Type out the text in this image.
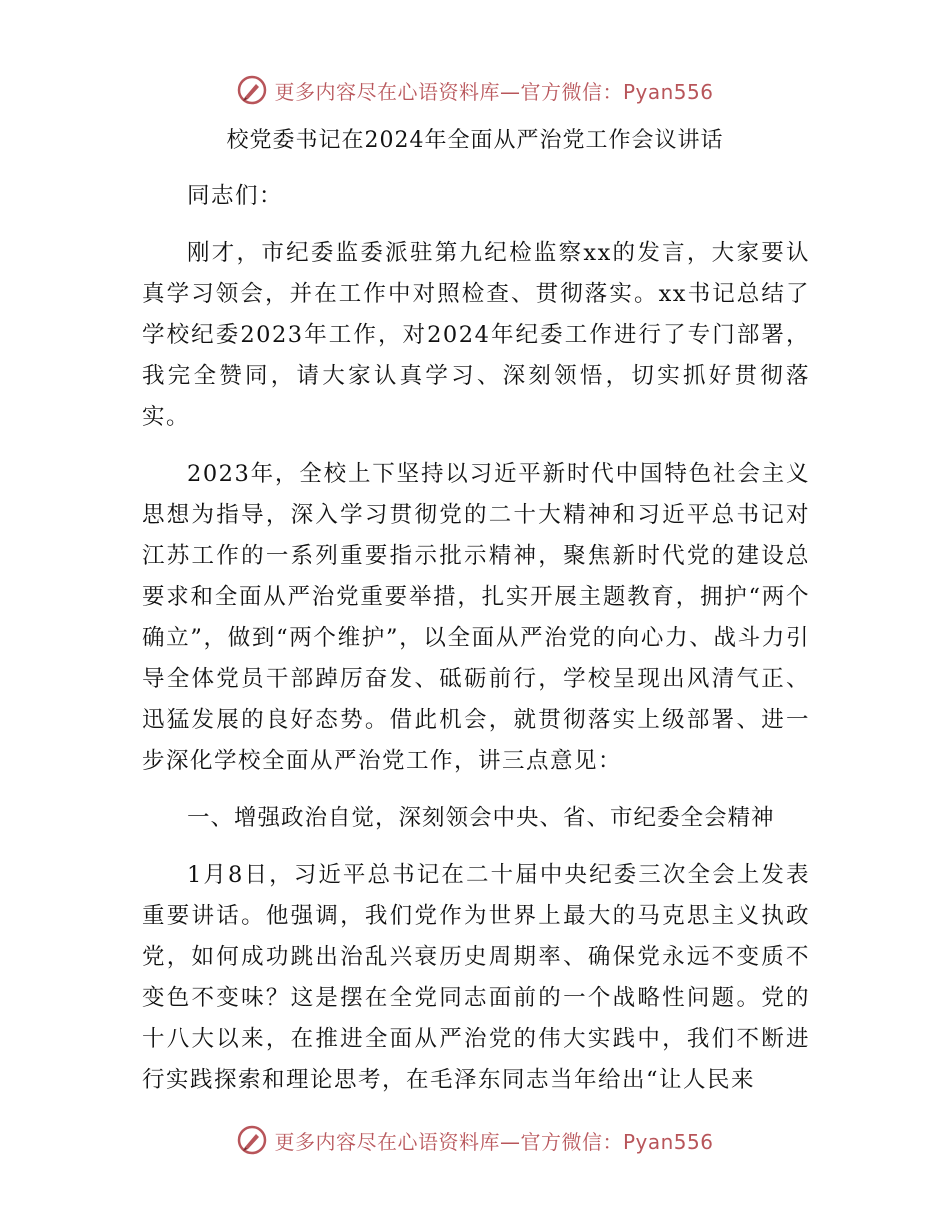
更多内容尽在心语资料库—官方微信：Pyan556
校党委书记在2024年全面从严治党工作会议讲话

同志们：

刚才，市纪委监委派驻第九纪检监察xx的发言，大家要认真学习领会，并在工作中对照检查、贯彻落实。xx书记总结了学校纪委2023年工作，对2024年纪委工作进行了专门部署，我完全赞同，请大家认真学习、深刻领悟，切实抓好贯彻落实。

2023年，全校上下坚持以习近平新时代中国特色社会主义思想为指导，深入学习贯彻党的二十大精神和习近平总书记对江苏工作的一系列重要指示批示精神，聚焦新时代党的建设总要求和全面从严治党重要举措，扎实开展主题教育，拥护“两个确立”，做到“两个维护”，以全面从严治党的向心力、战斗力引导全体党员干部踔厉奋发、砥砺前行，学校呈现出风清气正、迅猛发展的良好态势。借此机会，就贯彻落实上级部署、进一步深化学校全面从严治党工作，讲三点意见：

一、增强政治自觉，深刻领会中央、省、市纪委全会精神

1月8日，习近平总书记在二十届中央纪委三次全会上发表重要讲话。他强调，我们党作为世界上最大的马克思主义执政党，如何成功跳出治乱兴衰历史周期率、确保党永远不变质不变色不变味？这是摆在全党同志面前的一个战略性问题。党的十八大以来，在推进全面从严治党的伟大实践中，我们不断进行实践探索和理论思考，在毛泽东同志当年给出“让人民来

更多内容尽在心语资料库—官方微信：Pyan556
